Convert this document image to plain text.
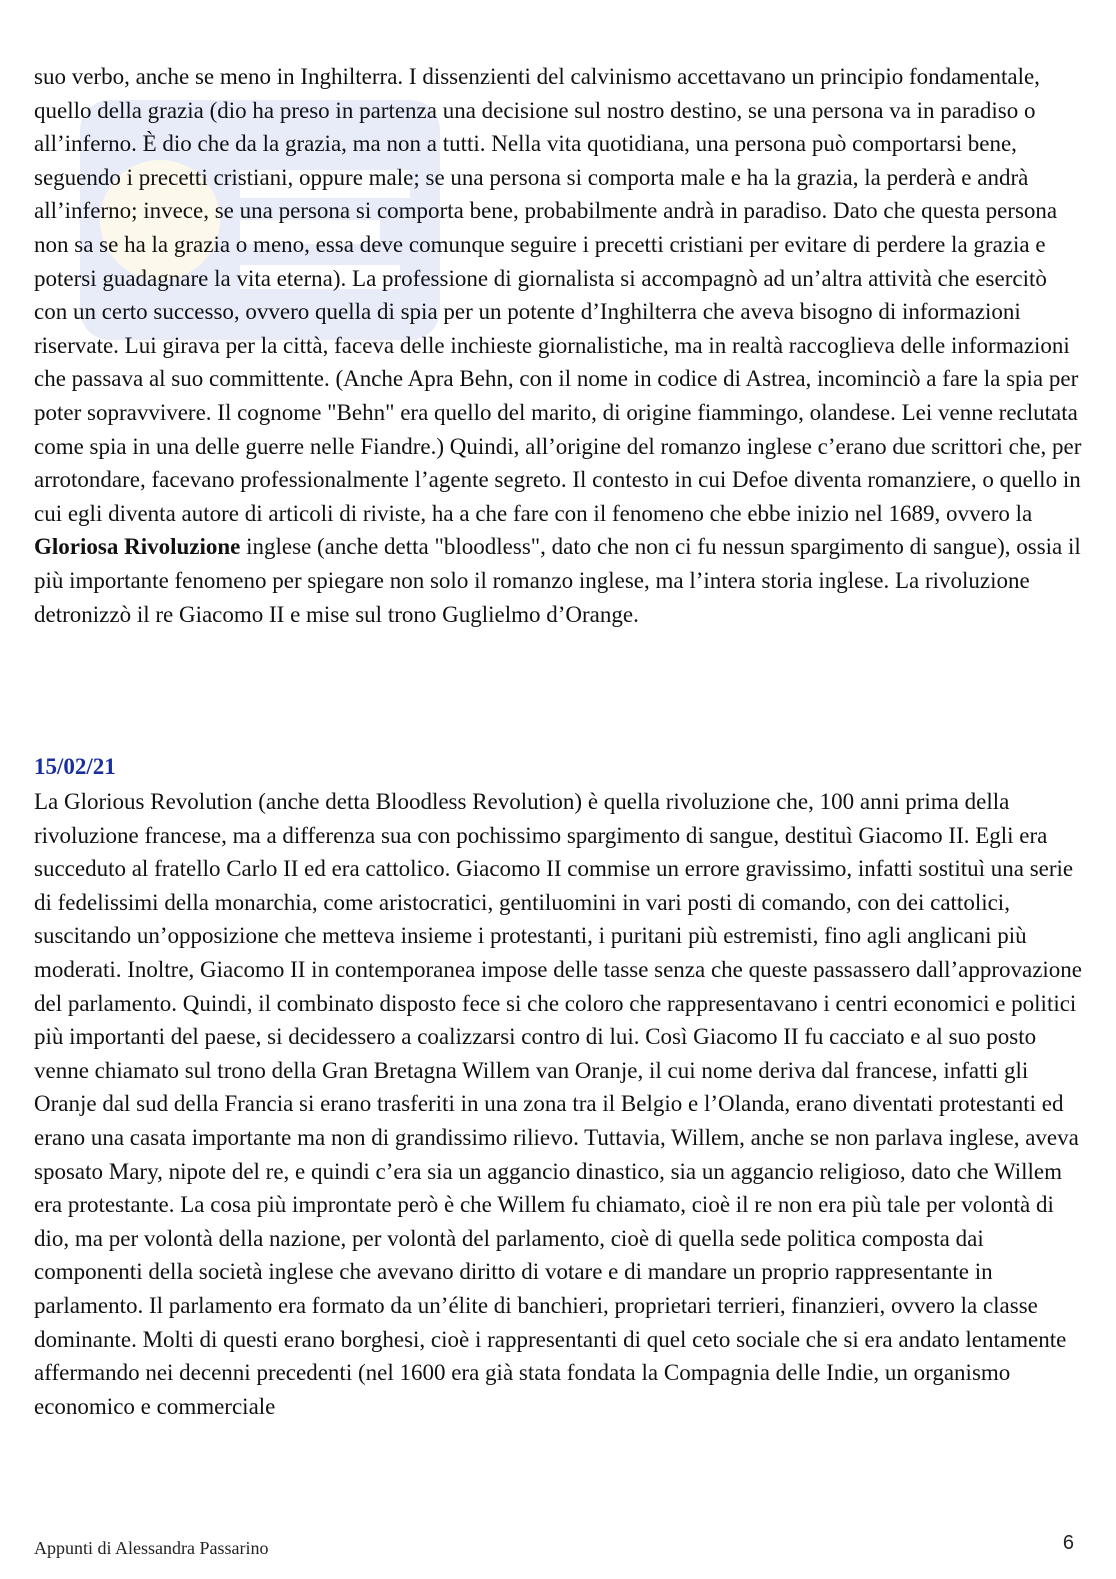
suo verbo, anche se meno in Inghilterra. I dissenzienti del calvinismo accettavano un principio fondamentale, quello della grazia (dio ha preso in partenza una decisione sul nostro destino, se una persona va in paradiso o all’inferno. È dio che da la grazia, ma non a tutti. Nella vita quotidiana, una persona può comportarsi bene, seguendo i precetti cristiani, oppure male; se una persona si comporta male e ha la grazia, la perderà e andrà all’inferno; invece, se una persona si comporta bene, probabilmente andrà in paradiso. Dato che questa persona non sa se ha la grazia o meno, essa deve comunque seguire i precetti cristiani per evitare di perdere la grazia e potersi guadagnare la vita eterna). La professione di giornalista si accompagnò ad un’altra attività che esercitò con un certo successo, ovvero quella di spia per un potente d’Inghilterra che aveva bisogno di informazioni riservate. Lui girava per la città, faceva delle inchieste giornalistiche, ma in realtà raccoglieva delle informazioni che passava al suo committente. (Anche Apra Behn, con il nome in codice di Astrea, incominciò a fare la spia per poter sopravvivere. Il cognome "Behn" era quello del marito, di origine fiammingo, olandese. Lei venne reclutata come spia in una delle guerre nelle Fiandre.) Quindi, all’origine del romanzo inglese c’erano due scrittori che, per arrotondare, facevano professionalmente l’agente segreto. Il contesto in cui Defoe diventa romanziere, o quello in cui egli diventa autore di articoli di riviste, ha a che fare con il fenomeno che ebbe inizio nel 1689, ovvero la Gloriosa Rivoluzione inglese (anche detta "bloodless", dato che non ci fu nessun spargimento di sangue), ossia il più importante fenomeno per spiegare non solo il romanzo inglese, ma l’intera storia inglese. La rivoluzione detronizzò il re Giacomo II e mise sul trono Guglielmo d’Orange.

15/02/21

La Glorious Revolution (anche detta Bloodless Revolution) è quella rivoluzione che, 100 anni prima della rivoluzione francese, ma a differenza sua con pochissimo spargimento di sangue, destituì Giacomo II. Egli era succeduto al fratello Carlo II ed era cattolico. Giacomo II commise un errore gravissimo, infatti sostituì una serie di fedelissimi della monarchia, come aristocratici, gentiluomini in vari posti di comando, con dei cattolici, suscitando un’opposizione che metteva insieme i protestanti, i puritani più estremisti, fino agli anglicani più moderati. Inoltre, Giacomo II in contemporanea impose delle tasse senza che queste passassero dall’approvazione del parlamento. Quindi, il combinato disposto fece si che coloro che rappresentavano i centri economici e politici più importanti del paese, si decidessero a coalizzarsi contro di lui. Così Giacomo II fu cacciato e al suo posto venne chiamato sul trono della Gran Bretagna Willem van Oranje, il cui nome deriva dal francese, infatti gli Oranje dal sud della Francia si erano trasferiti in una zona tra il Belgio e l’Olanda, erano diventati protestanti ed erano una casata importante ma non di grandissimo rilievo. Tuttavia, Willem, anche se non parlava inglese, aveva sposato Mary, nipote del re, e quindi c’era sia un aggancio dinastico, sia un aggancio religioso, dato che Willem era protestante. La cosa più improntate però è che Willem fu chiamato, cioè il re non era più tale per volontà di dio, ma per volontà della nazione, per volontà del parlamento, cioè di quella sede politica composta dai componenti della società inglese che avevano diritto di votare e di mandare un proprio rappresentante in parlamento. Il parlamento era formato da un’élite di banchieri, proprietari terrieri, finanzieri, ovvero la classe dominante. Molti di questi erano borghesi, cioè i rappresentanti di quel ceto sociale che si era andato lentamente affermando nei decenni precedenti (nel 1600 era già stata fondata la Compagnia delle Indie, un organismo economico e commerciale

Appunti di Alessandra Passarino	6
